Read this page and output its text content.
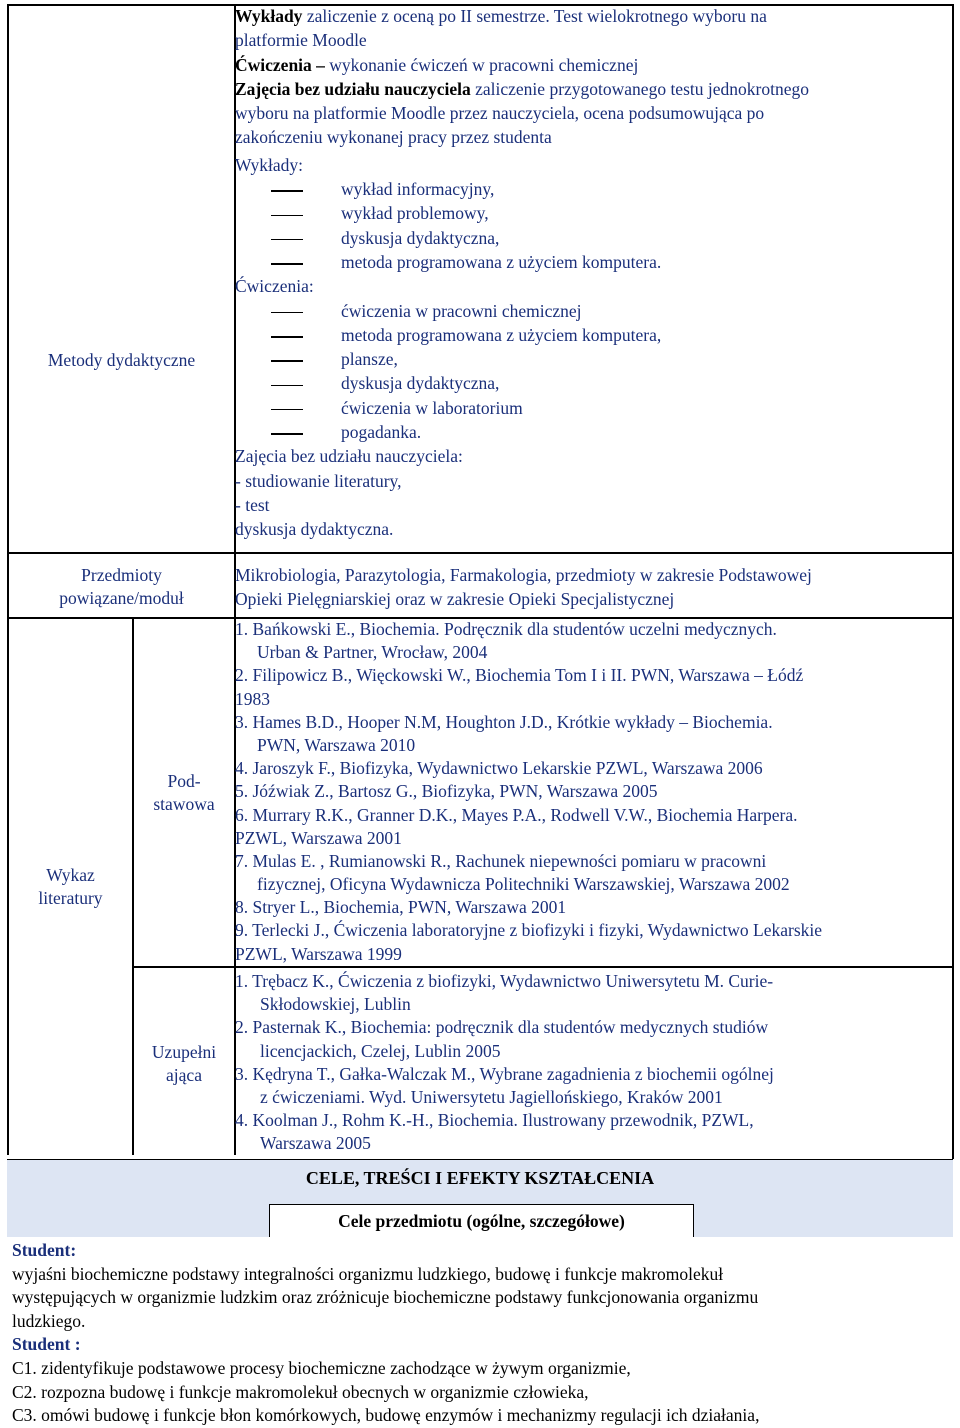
Metody dydaktyczne
Przedmioty
powiązane/moduł
Wykaz
literatury
Pod-
stawowa
Uzupełni
ająca
Wykłady zaliczenie z oceną po II semestrze. Test wielokrotnego wyboru na
platformie Moodle
Ćwiczenia – wykonanie ćwiczeń w pracowni chemicznej
Zajęcia bez udziału nauczyciela zaliczenie przygotowanego testu jednokrotnego
wyboru na platformie Moodle przez nauczyciela, ocena podsumowująca po
zakończeniu wykonanej pracy przez studenta
Wykłady:
wykład informacyjny,
wykład problemowy,
dyskusja dydaktyczna,
metoda programowana z użyciem komputera.
Ćwiczenia:
ćwiczenia w pracowni chemicznej
metoda programowana z użyciem komputera,
plansze,
dyskusja dydaktyczna,
ćwiczenia w laboratorium
pogadanka.
Zajęcia bez udziału nauczyciela:
- studiowanie literatury,
- test
dyskusja dydaktyczna.
Mikrobiologia, Parazytologia, Farmakologia, przedmioty w zakresie Podstawowej
Opieki Pielęgniarskiej oraz w zakresie Opieki Specjalistycznej
1. Bańkowski E., Biochemia. Podręcznik dla studentów uczelni medycznych.
Urban & Partner, Wrocław, 2004
2. Filipowicz B., Więckowski W., Biochemia Tom I i II. PWN, Warszawa – Łódź
1983
3. Hames B.D., Hooper N.M, Houghton J.D., Krótkie wykłady – Biochemia.
PWN, Warszawa 2010
4. Jaroszyk F., Biofizyka, Wydawnictwo Lekarskie PZWL, Warszawa 2006
5. Jóźwiak Z., Bartosz G., Biofizyka, PWN, Warszawa 2005
6. Murrary R.K., Granner D.K., Mayes P.A., Rodwell V.W., Biochemia Harpera.
PZWL, Warszawa 2001
7. Mulas E. , Rumianowski R., Rachunek niepewności pomiaru w pracowni
fizycznej, Oficyna Wydawnicza Politechniki Warszawskiej, Warszawa 2002
8. Stryer L., Biochemia, PWN, Warszawa 2001
9. Terlecki J., Ćwiczenia laboratoryjne z biofizyki i fizyki, Wydawnictwo Lekarskie
PZWL, Warszawa 1999
1. Trębacz K., Ćwiczenia z biofizyki, Wydawnictwo Uniwersytetu M. Curie-
Skłodowskiej, Lublin
2. Pasternak K., Biochemia: podręcznik dla studentów medycznych studiów
licencjackich, Czelej, Lublin 2005
3. Kędryna T., Gałka-Walczak M., Wybrane zagadnienia z biochemii ogólnej
z ćwiczeniami. Wyd. Uniwersytetu Jagiellońskiego, Kraków 2001
4. Koolman J., Rohm K.-H., Biochemia. Ilustrowany przewodnik, PZWL,
Warszawa 2005
CELE, TREŚCI I EFEKTY KSZTAŁCENIA
Cele przedmiotu (ogólne, szczegółowe)
Student:
wyjaśni biochemiczne podstawy integralności organizmu ludzkiego, budowę i funkcje makromolekuł
występujących w organizmie ludzkim oraz zróżnicuje biochemiczne podstawy funkcjonowania organizmu
ludzkiego.
Student :
C1. zidentyfikuje podstawowe procesy biochemiczne zachodzące w żywym organizmie,
C2. rozpozna budowę i funkcje makromolekuł obecnych w organizmie człowieka,
C3. omówi budowę i funkcje błon komórkowych, budowę enzymów i mechanizmy regulacji ich działania,
